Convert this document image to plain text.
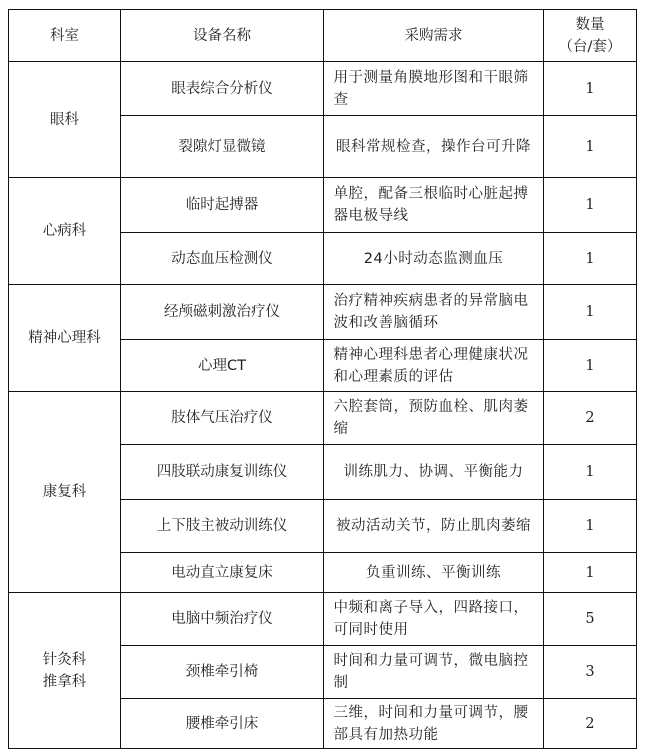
科室	设备名称	采购需求	数量
（台/套）

眼科	眼表综合分析仪	用于测量角膜地形图和干眼筛查	1
	裂隙灯显微镜	眼科常规检查，操作台可升降	1
心病科	临时起搏器	单腔，配备三根临时心脏起搏器电极导线	1
	动态血压检测仪	24小时动态监测血压	1
精神心理科	经颅磁刺激治疗仪	治疗精神疾病患者的异常脑电波和改善脑循环	1
	心理CT	精神心理科患者心理健康状况和心理素质的评估	1
康复科	肢体气压治疗仪	六腔套筒，预防血栓、肌肉萎缩	2
	四肢联动康复训练仪	训练肌力、协调、平衡能力	1
	上下肢主被动训练仪	被动活动关节，防止肌肉萎缩	1
	电动直立康复床	负重训练、平衡训练	1

针灸科
推拿科	电脑中频治疗仪	中频和离子导入，四路接口，可同时使用	5
	颈椎牵引椅	时间和力量可调节，微电脑控制	3
	腰椎牵引床	三维，时间和力量可调节，腰部具有加热功能	2
